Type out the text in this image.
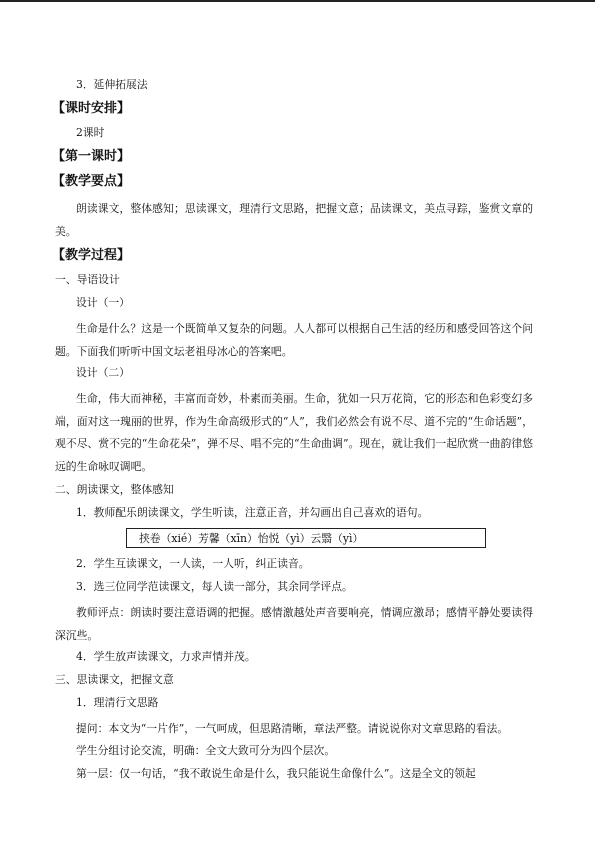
3．延伸拓展法

【课时安排】

2课时

【第一课时】

【教学要点】

朗读课文，整体感知；思读课文，理清行文思路，把握文意；品读课文，美点寻踪，鉴赏文章的美。

【教学过程】

一、导语设计

设计（一）

生命是什么？这是一个既简单又复杂的问题。人人都可以根据自己生活的经历和感受回答这个问题。下面我们听听中国文坛老祖母冰心的答案吧。

设计（二）

生命，伟大而神秘，丰富而奇妙，朴素而美丽。生命，犹如一只万花筒，它的形态和色彩变幻多端，面对这一瑰丽的世界，作为生命高级形式的“人”，我们必然会有说不尽、道不完的“生命话题”，观不尽、赏不完的“生命花朵”，弹不尽、唱不完的“生命曲调”。现在，就让我们一起欣赏一曲韵律悠远的生命咏叹调吧。

二、朗读课文，整体感知

1．教师配乐朗读课文，学生听读，注意正音，并勾画出自己喜欢的语句。

挟卷（xié）芳馨（xīn）怡悦（yì）云翳（yì）

2．学生互读课文，一人读，一人听，纠正读音。

3．选三位同学范读课文，每人读一部分，其余同学评点。

教师评点：朗读时要注意语调的把握。感情激越处声音要响亮，情调应激昂；感情平静处要读得深沉些。

4．学生放声读课文，力求声情并茂。

三、思读课文，把握文意

1．理清行文思路

提问：本文为“一片作”，一气呵成，但思路清晰，章法严整。请说说你对文章思路的看法。

学生分组讨论交流，明确：全文大致可分为四个层次。

第一层：仅一句话，“我不敢说生命是什么，我只能说生命像什么”。这是全文的领起
